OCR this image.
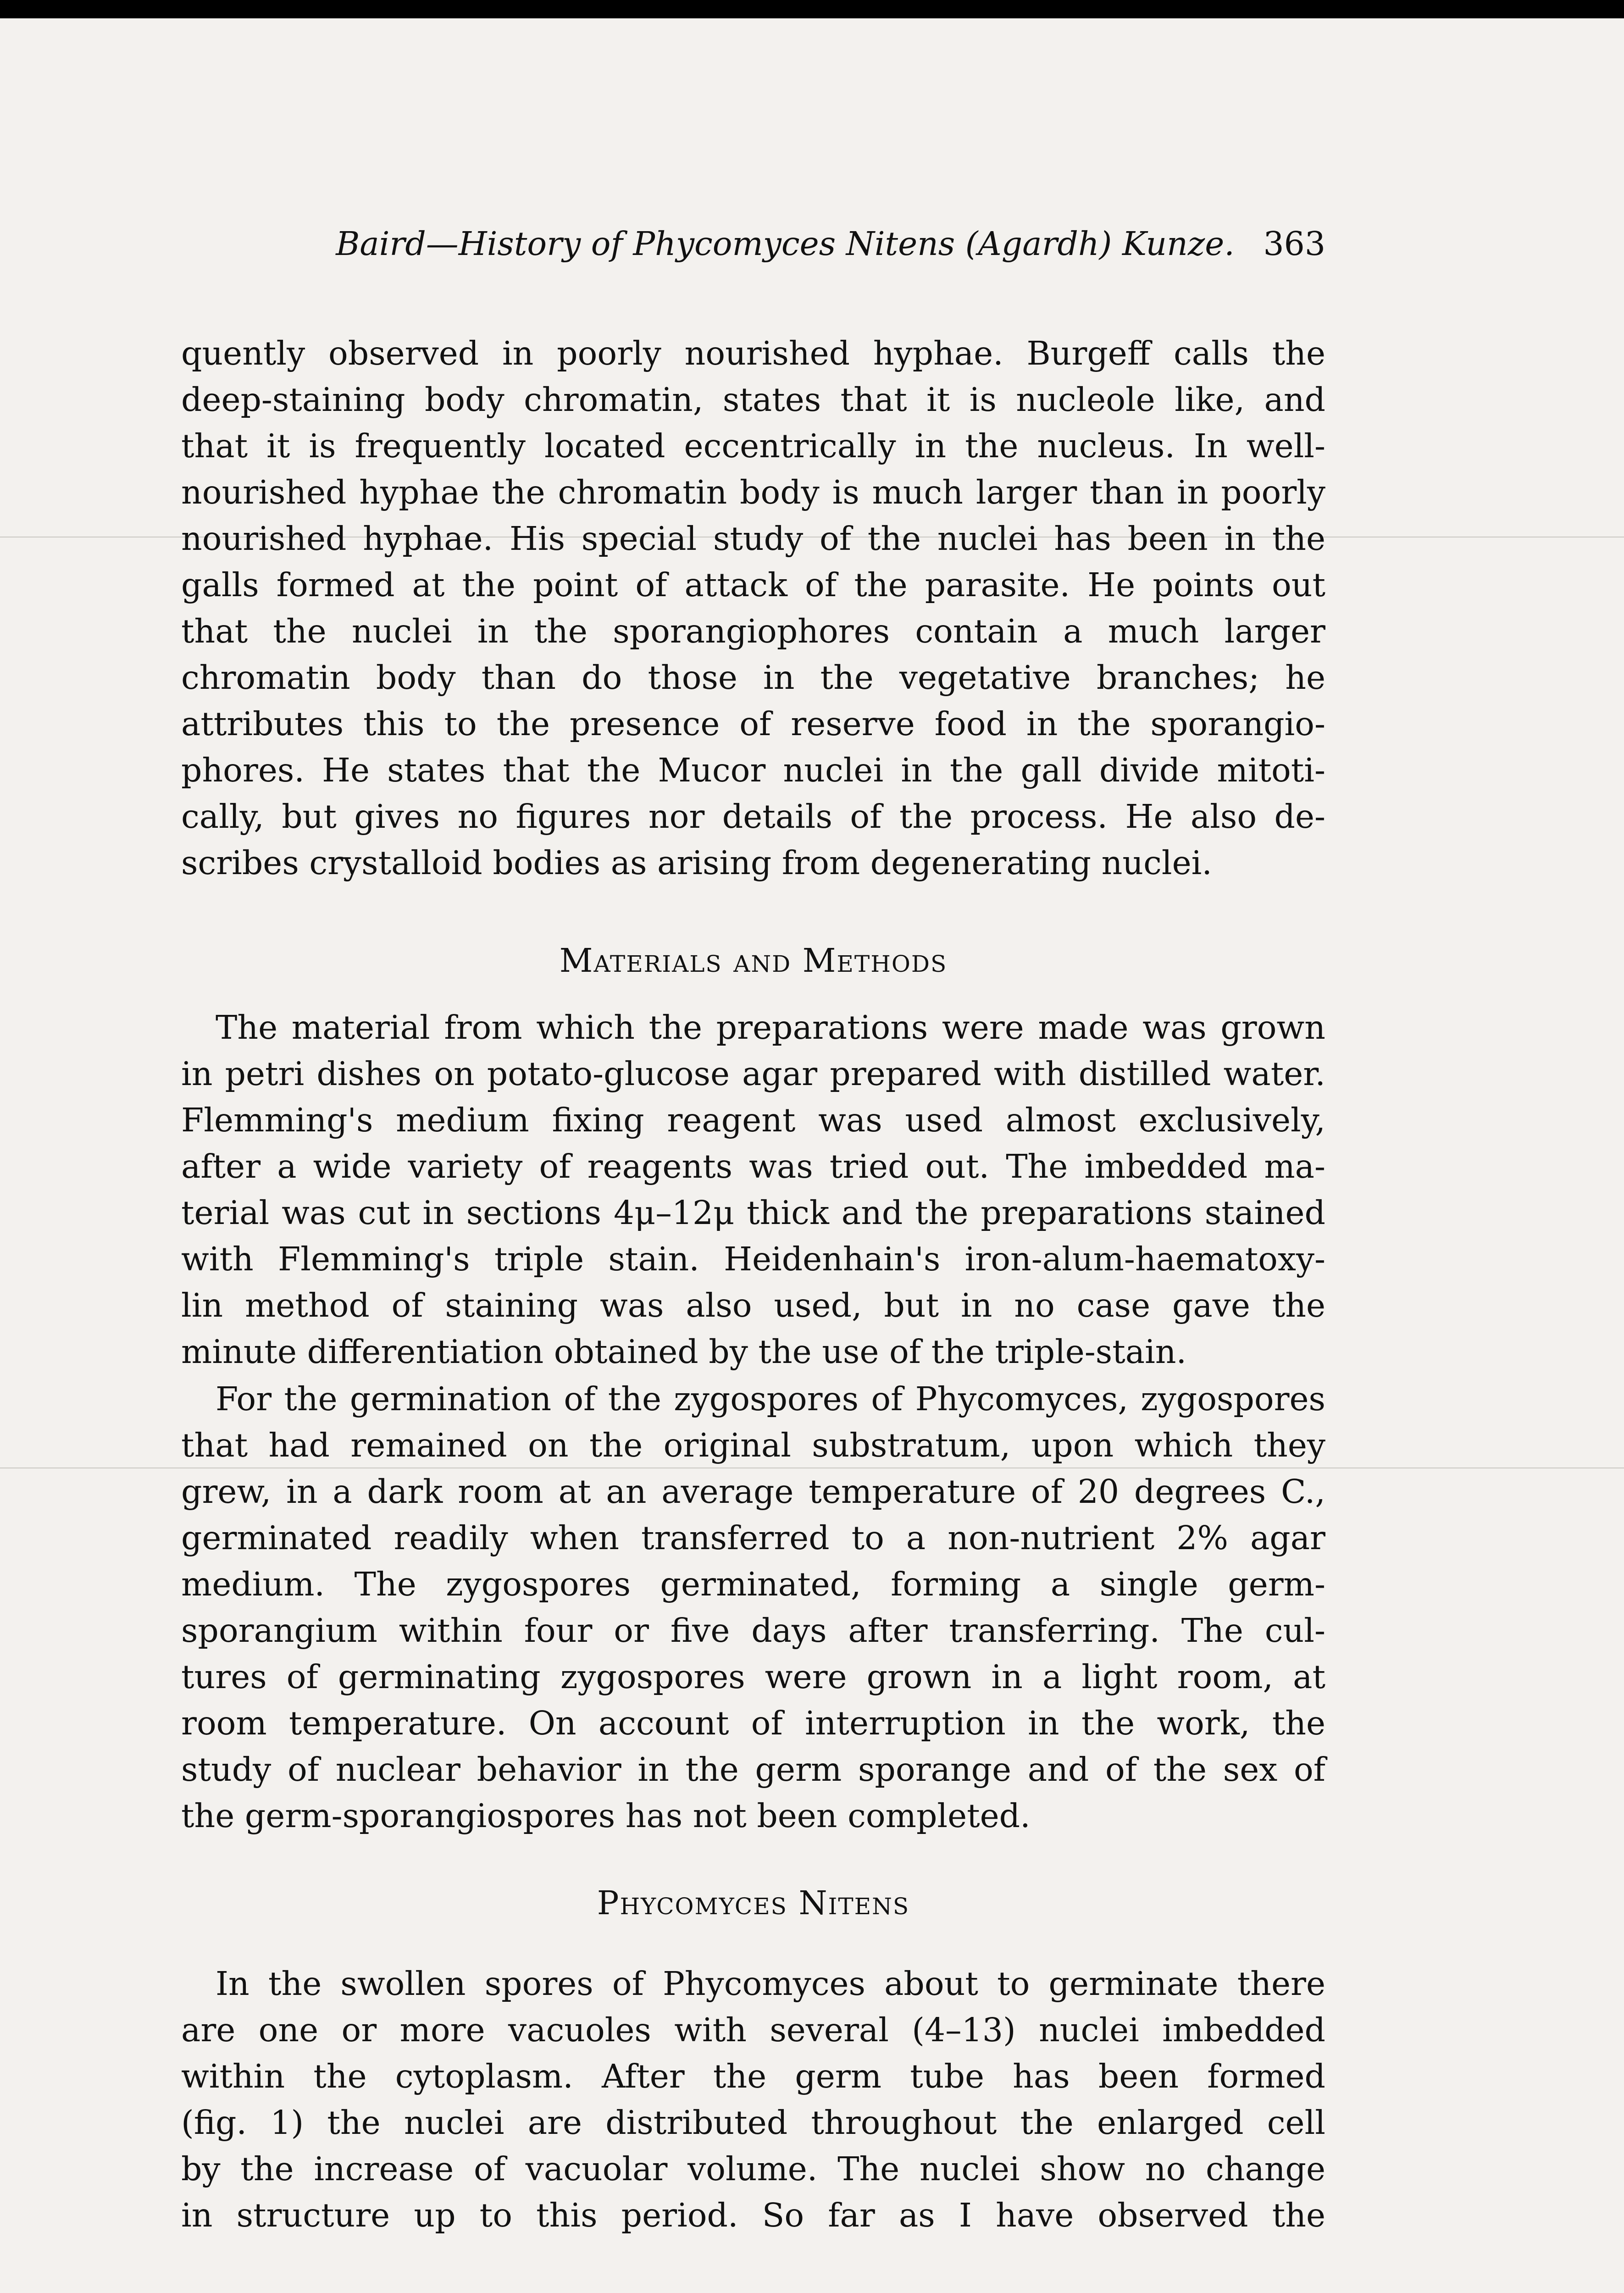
Baird—History of Phycomyces Nitens (Agardh) Kunze. 363
quently observed in poorly nourished hyphae. Burgeff calls the
deep-staining body chromatin, states that it is nucleole like, and
that it is frequently located eccentrically in the nucleus. In well-
nourished hyphae the chromatin body is much larger than in poorly
nourished hyphae. His special study of the nuclei has been in the
galls formed at the point of attack of the parasite. He points out
that the nuclei in the sporangiophores contain a much larger
chromatin body than do those in the vegetative branches; he
attributes this to the presence of reserve food in the sporangio-
phores. He states that the Mucor nuclei in the gall divide mitoti-
cally, but gives no figures nor details of the process. He also de-
scribes crystalloid bodies as arising from degenerating nuclei.
Materials and Methods
The material from which the preparations were made was grown
in petri dishes on potato-glucose agar prepared with distilled water.
Flemming's medium fixing reagent was used almost exclusively,
after a wide variety of reagents was tried out. The imbedded ma-
terial was cut in sections 4μ–12μ thick and the preparations stained
with Flemming's triple stain. Heidenhain's iron-alum-haematoxy-
lin method of staining was also used, but in no case gave the
minute differentiation obtained by the use of the triple-stain.
For the germination of the zygospores of Phycomyces, zygospores
that had remained on the original substratum, upon which they
grew, in a dark room at an average temperature of 20 degrees C.,
germinated readily when transferred to a non-nutrient 2% agar
medium. The zygospores germinated, forming a single germ-
sporangium within four or five days after transferring. The cul-
tures of germinating zygospores were grown in a light room, at
room temperature. On account of interruption in the work, the
study of nuclear behavior in the germ sporange and of the sex of
the germ-sporangiospores has not been completed.
Phycomyces Nitens
In the swollen spores of Phycomyces about to germinate there
are one or more vacuoles with several (4–13) nuclei imbedded
within the cytoplasm. After the germ tube has been formed
(fig. 1) the nuclei are distributed throughout the enlarged cell
by the increase of vacuolar volume. The nuclei show no change
in structure up to this period. So far as I have observed the
